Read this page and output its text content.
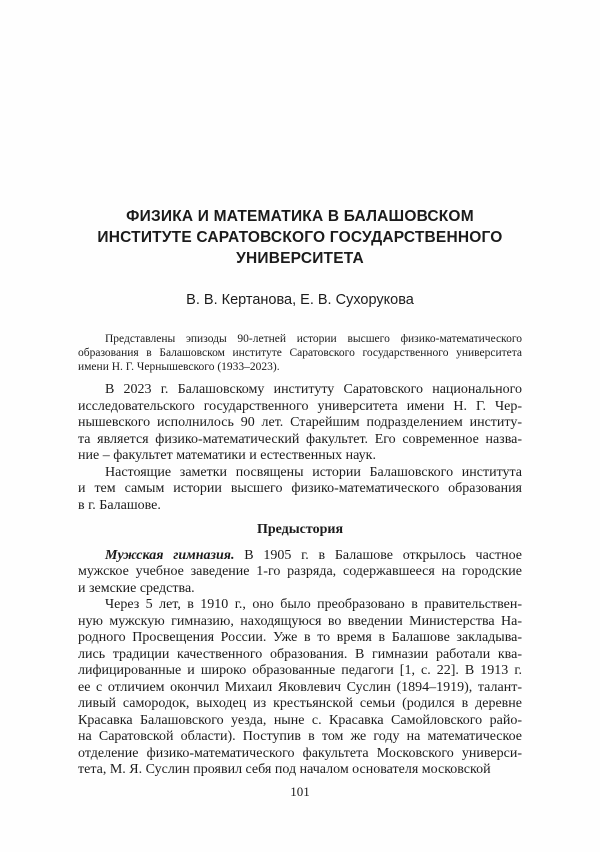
ФИЗИКА И МАТЕМАТИКА В БАЛАШОВСКОМ
ИНСТИТУТЕ САРАТОВСКОГО ГОСУДАРСТВЕННОГО
УНИВЕРСИТЕТА
В. В. Кертанова, Е. В. Сухорукова
Представлены эпизоды 90-летней истории высшего физико-математического
образования в Балашовском институте Саратовского государственного университета
имени Н. Г. Чернышевского (1933–2023).
В 2023 г. Балашовскому институту Саратовского национального
исследовательского государственного университета имени Н. Г. Чер-
нышевского исполнилось 90 лет. Старейшим подразделением институ-
та является физико-математический факультет. Его современное назва-
ние – факультет математики и естественных наук.
Настоящие заметки посвящены истории Балашовского института
и тем самым истории высшего физико-математического образования
в г. Балашове.
Предыстория
Мужская гимназия. В 1905 г. в Балашове открылось частное
мужское учебное заведение 1-го разряда, содержавшееся на городские
и земские средства.
Через 5 лет, в 1910 г., оно было преобразовано в правительствен-
ную мужскую гимназию, находящуюся во введении Министерства На-
родного Просвещения России. Уже в то время в Балашове закладыва-
лись традиции качественного образования. В гимназии работали ква-
лифицированные и широко образованные педагоги [1, с. 22]. В 1913 г.
ее с отличием окончил Михаил Яковлевич Суслин (1894–1919), талант-
ливый самородок, выходец из крестьянской семьи (родился в деревне
Красавка Балашовского уезда, ныне с. Красавка Самойловского райо-
на Саратовской области). Поступив в том же году на математическое
отделение физико-математического факультета Московского универси-
тета, М. Я. Суслин проявил себя под началом основателя московской
101
